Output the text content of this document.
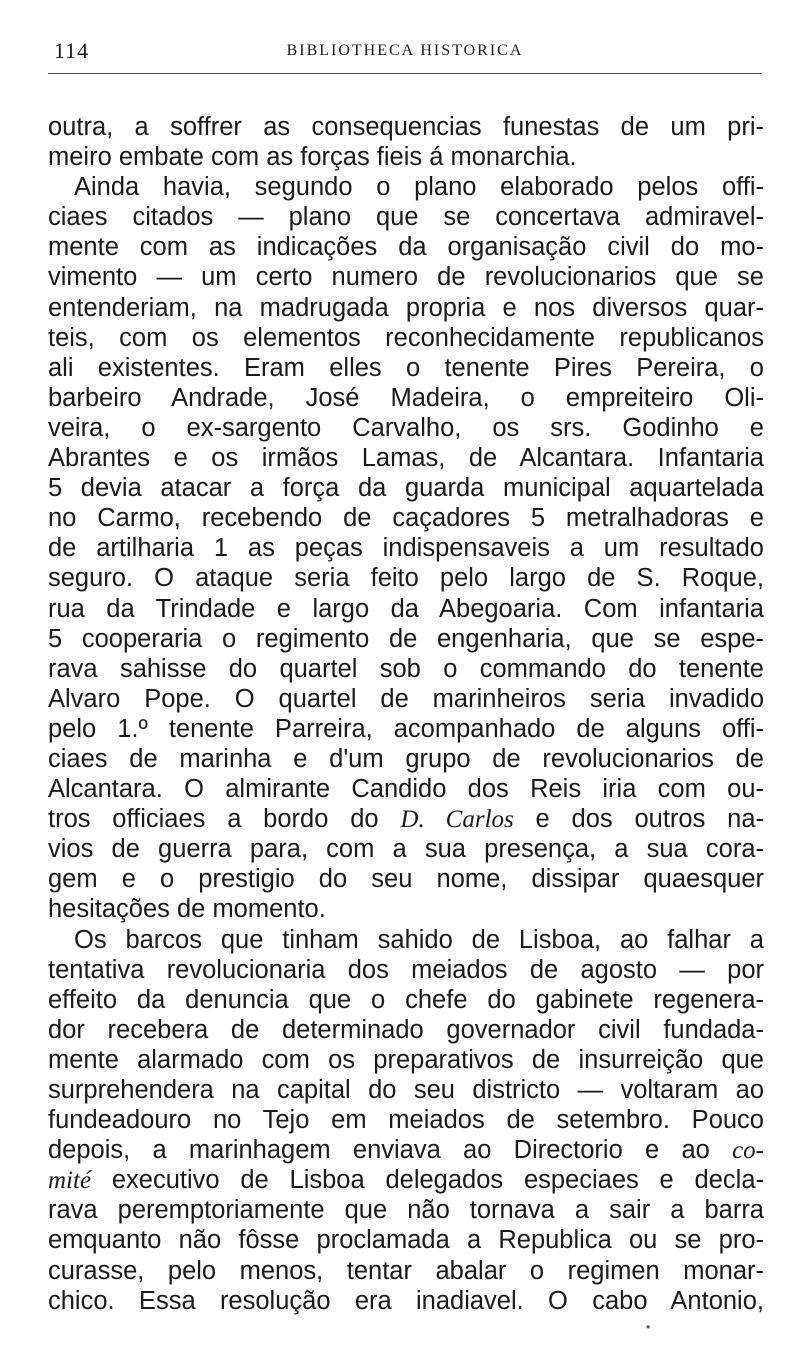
114	BIBLIOTHECA HISTORICA
outra, a soffrer as consequencias funestas de um pri-
meiro embate com as forças fieis á monarchia.
Ainda havia, segundo o plano elaborado pelos offi-
ciaes citados — plano que se concertava admiravel-
mente com as indicações da organisação civil do mo-
vimento — um certo numero de revolucionarios que se
entenderiam, na madrugada propria e nos diversos quar-
teis, com os elementos reconhecidamente republicanos
ali existentes. Eram elles o tenente Pires Pereira, o
barbeiro Andrade, José Madeira, o empreiteiro Oli-
veira, o ex-sargento Carvalho, os srs. Godinho e
Abrantes e os irmãos Lamas, de Alcantara. Infantaria
5 devia atacar a força da guarda municipal aquartelada
no Carmo, recebendo de caçadores 5 metralhadoras e
de artilharia 1 as peças indispensaveis a um resultado
seguro. O ataque seria feito pelo largo de S. Roque,
rua da Trindade e largo da Abegoaria. Com infantaria
5 cooperaria o regimento de engenharia, que se espe-
rava sahisse do quartel sob o commando do tenente
Alvaro Pope. O quartel de marinheiros seria invadido
pelo 1.º tenente Parreira, acompanhado de alguns offi-
ciaes de marinha e d'um grupo de revolucionarios de
Alcantara. O almirante Candido dos Reis iria com ou-
tros officiaes a bordo do D. Carlos e dos outros na-
vios de guerra para, com a sua presença, a sua cora-
gem e o prestigio do seu nome, dissipar quaesquer
hesitações de momento.
Os barcos que tinham sahido de Lisboa, ao falhar a
tentativa revolucionaria dos meiados de agosto — por
effeito da denuncia que o chefe do gabinete regenera-
dor recebera de determinado governador civil fundada-
mente alarmado com os preparativos de insurreição que
surprehendera na capital do seu districto — voltaram ao
fundeadouro no Tejo em meiados de setembro. Pouco
depois, a marinhagem enviava ao Directorio e ao co-
mité executivo de Lisboa delegados especiaes e decla-
rava peremptoriamente que não tornava a sair a barra
emquanto não fôsse proclamada a Republica ou se pro-
curasse, pelo menos, tentar abalar o regimen monar-
chico. Essa resolução era inadiavel. O cabo Antonio,
•
